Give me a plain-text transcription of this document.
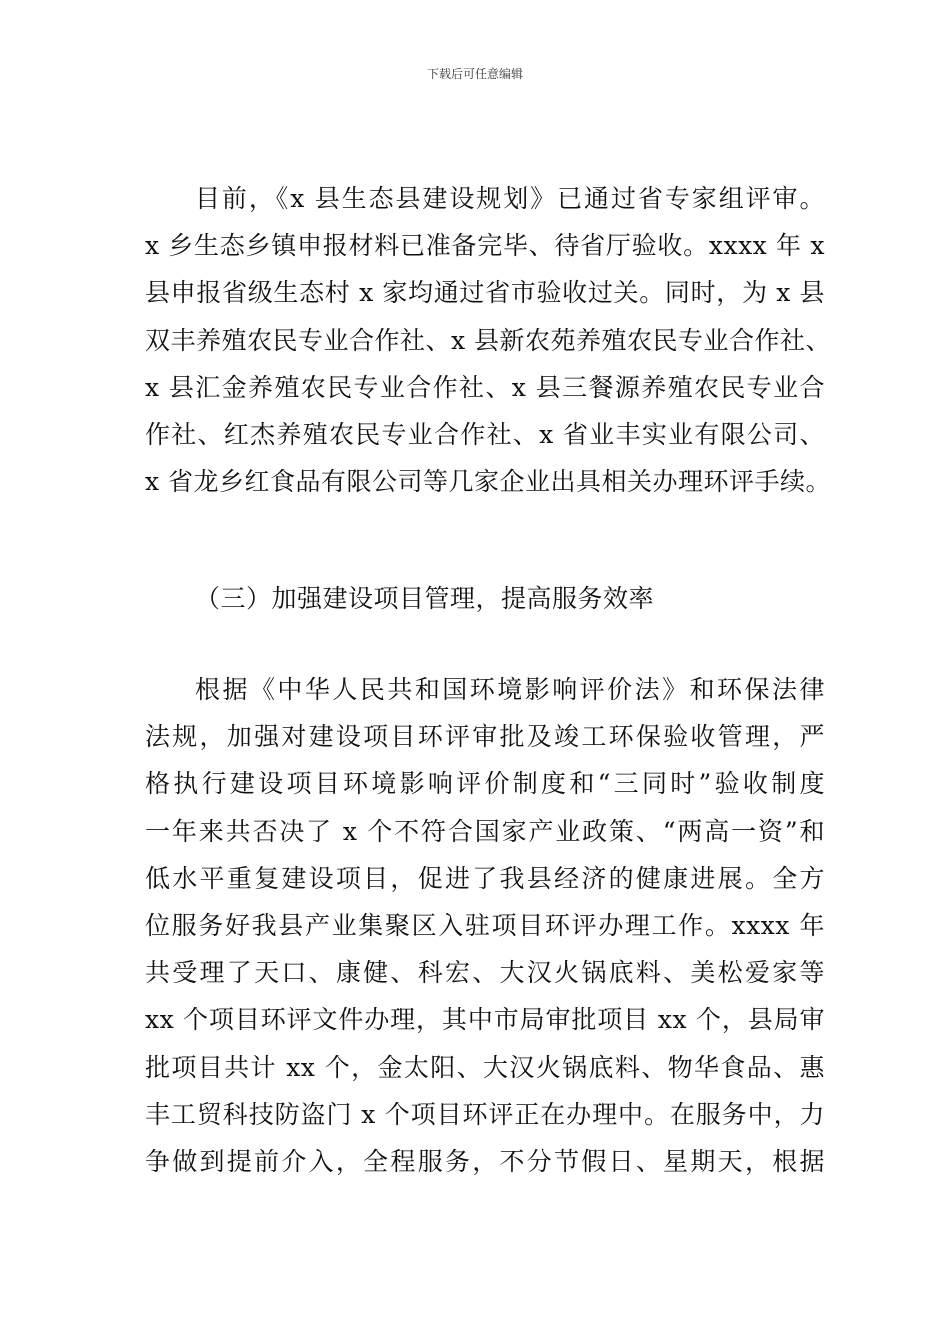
下载后可任意编辑
目前，《x 县生态县建设规划》已通过省专家组评审。
x 乡生态乡镇申报材料已准备完毕、待省厅验收。xxxx 年 x
县申报省级生态村 x 家均通过省市验收过关。同时，为 x 县
双丰养殖农民专业合作社、x 县新农苑养殖农民专业合作社、
x 县汇金养殖农民专业合作社、x 县三餐源养殖农民专业合
作社、红杰养殖农民专业合作社、x 省业丰实业有限公司、
x 省龙乡红食品有限公司等几家企业出具相关办理环评手续。
（三）加强建设项目管理，提高服务效率
根据《中华人民共和国环境影响评价法》和环保法律
法规，加强对建设项目环评审批及竣工环保验收管理，严
格执行建设项目环境影响评价制度和“三同时”验收制度
一年来共否决了 x 个不符合国家产业政策、“两高一资”和
低水平重复建设项目，促进了我县经济的健康进展。全方
位服务好我县产业集聚区入驻项目环评办理工作。xxxx 年
共受理了天口、康健、科宏、大汉火锅底料、美松爱家等
xx 个项目环评文件办理，其中市局审批项目 xx 个，县局审
批项目共计 xx 个，金太阳、大汉火锅底料、物华食品、惠
丰工贸科技防盗门 x 个项目环评正在办理中。在服务中，力
争做到提前介入，全程服务，不分节假日、星期天，根据
